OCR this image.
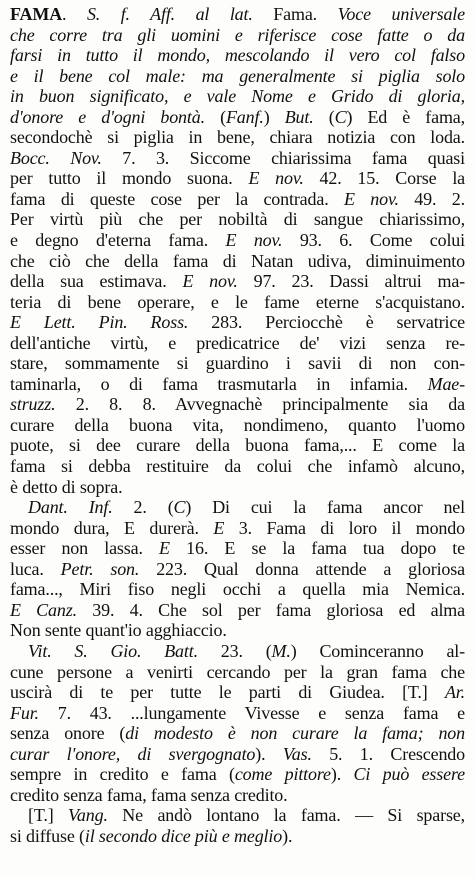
FAMA. S. f. Aff. al lat. Fama. Voce universale
che corre tra gli uomini e riferisce cose fatte o da
farsi in tutto il mondo, mescolando il vero col falso
e il bene col male: ma generalmente si piglia solo
in buon significato, e vale Nome e Grido di gloria,
d'onore e d'ogni bontà. (Fanf.) But. (C) Ed è fama,
secondochè si piglia in bene, chiara notizia con loda.
Bocc. Nov. 7. 3. Siccome chiarissima fama quasi
per tutto il mondo suona. E nov. 42. 15. Corse la
fama di queste cose per la contrada. E nov. 49. 2.
Per virtù più che per nobiltà di sangue chiarissimo,
e degno d'eterna fama. E nov. 93. 6. Come colui
che ciò che della fama di Natan udiva, diminuimento
della sua estimava. E nov. 97. 23. Dassi altrui ma-
teria di bene operare, e le fame eterne s'acquistano.
E Lett. Pin. Ross. 283. Perciocchè è servatrice
dell'antiche virtù, e predicatrice de' vizi senza re-
stare, sommamente si guardino i savii di non con-
taminarla, o di fama trasmutarla in infamia. Mae-
struzz. 2. 8. 8. Avvegnachè principalmente sia da
curare della buona vita, nondimeno, quanto l'uomo
puote, si dee curare della buona fama,... E come la
fama si debba restituire da colui che infamò alcuno,
è detto di sopra.
Dant. Inf. 2. (C) Di cui la fama ancor nel
mondo dura, E durerà. E 3. Fama di loro il mondo
esser non lassa. E 16. E se la fama tua dopo te
luca. Petr. son. 223. Qual donna attende a gloriosa
fama..., Miri fiso negli occhi a quella mia Nemica.
E Canz. 39. 4. Che sol per fama gloriosa ed alma
Non sente quant'io agghiaccio.
Vit. S. Gio. Batt. 23. (M.) Cominceranno al-
cune persone a venirti cercando per la gran fama che
uscirà di te per tutte le parti di Giudea. [T.] Ar.
Fur. 7. 43. ...lungamente Vivesse e senza fama e
senza onore (di modesto è non curare la fama; non
curar l'onore, di svergognato). Vas. 5. 1. Crescendo
sempre in credito e fama (come pittore). Ci può essere
credito senza fama, fama senza credito.
[T.] Vang. Ne andò lontano la fama. — Si sparse,
si diffuse (il secondo dice più e meglio).
